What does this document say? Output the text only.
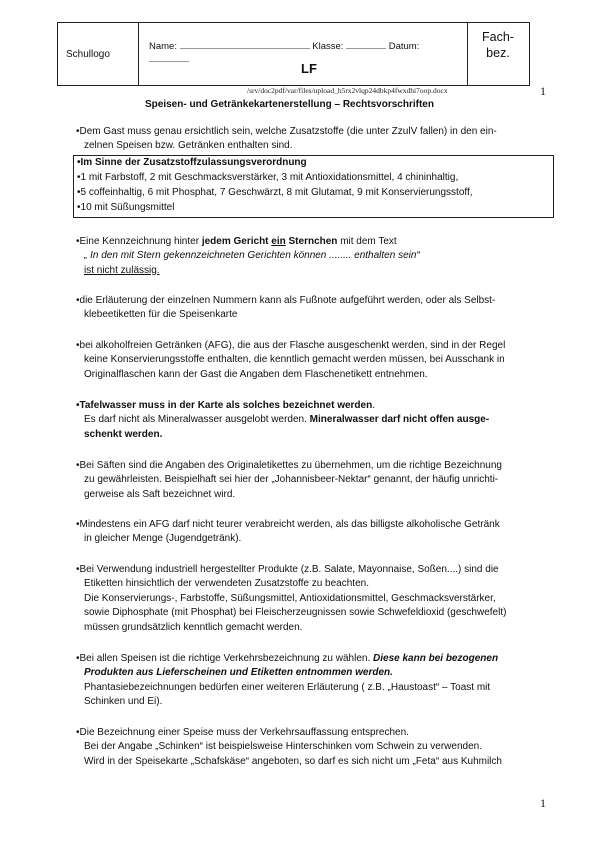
Schullogo
Name:	Klasse:	Datum:

LF
Fach-
bez.
/srv/doc2pdf/var/files/upload_h5rx2vlqp24dbkp4fwxdhi7oop.docx	1
Speisen- und Getränkekartenerstellung – Rechtsvorschriften
•Dem Gast muss genau ersichtlich sein, welche Zusatzstoffe (die unter ZzulV fallen) in den ein-
zelnen Speisen bzw. Getränken enthalten sind.
•Im Sinne der Zusatzstoffzulassungsverordnung
•1 mit Farbstoff, 2 mit Geschmacksverstärker, 3 mit Antioxidationsmittel, 4 chininhaltig,
•5 coffeinhaltig, 6 mit Phosphat, 7 Geschwärzt, 8 mit Glutamat, 9 mit Konservierungsstoff,
•10 mit Süßungsmittel
•Eine Kennzeichnung hinter jedem Gericht ein Sternchen mit dem Text
„ In den mit Stern gekennzeichneten Gerichten können ........ enthalten sein“
ist nicht zulässig.
•die Erläuterung der einzelnen Nummern kann als Fußnote aufgeführt werden, oder als Selbst-
klebeetiketten für die Speisenkarte
•bei alkoholfreien Getränken (AFG), die aus der Flasche ausgeschenkt werden, sind in der Regel
keine Konservierungsstoffe enthalten, die kenntlich gemacht werden müssen, bei Ausschank in
Originalflaschen kann der Gast die Angaben dem Flaschenetikett entnehmen.
•Tafelwasser muss in der Karte als solches bezeichnet werden.
Es darf nicht als Mineralwasser ausgelobt werden. Mineralwasser darf nicht offen ausge-
schenkt werden.
•Bei Säften sind die Angaben des Originaletikettes zu übernehmen, um die richtige Bezeichnung
zu gewährleisten. Beispielhaft sei hier der „Johannisbeer-Nektar“ genannt, der häufig unrichti-
gerweise als Saft bezeichnet wird.
•Mindestens ein AFG darf nicht teurer verabreicht werden, als das billigste alkoholische Getränk
in gleicher Menge (Jugendgetränk).
•Bei Verwendung industriell hergestellter Produkte (z.B. Salate, Mayonnaise, Soßen....) sind die
Etiketten hinsichtlich der verwendeten Zusatzstoffe zu beachten.
Die Konservierungs-, Farbstoffe, Süßungsmittel, Antioxidationsmittel, Geschmacksverstärker,
sowie Diphosphate (mit Phosphat) bei Fleischerzeugnissen sowie Schwefeldioxid (geschwefelt)
müssen grundsätzlich kenntlich gemacht werden.
•Bei allen Speisen ist die richtige Verkehrsbezeichnung zu wählen. Diese kann bei bezogenen
Produkten aus Lieferscheinen und Etiketten entnommen werden.
Phantasiebezeichnungen bedürfen einer weiteren Erläuterung ( z.B. „Haustoast“ – Toast mit
Schinken und Ei).
•Die Bezeichnung einer Speise muss der Verkehrsauffassung entsprechen.
Bei der Angabe „Schinken“ ist beispielsweise Hinterschinken vom Schwein zu verwenden.
Wird in der Speisekarte „Schafskäse“ angeboten, so darf es sich nicht um „Feta“ aus Kuhmilch
1
